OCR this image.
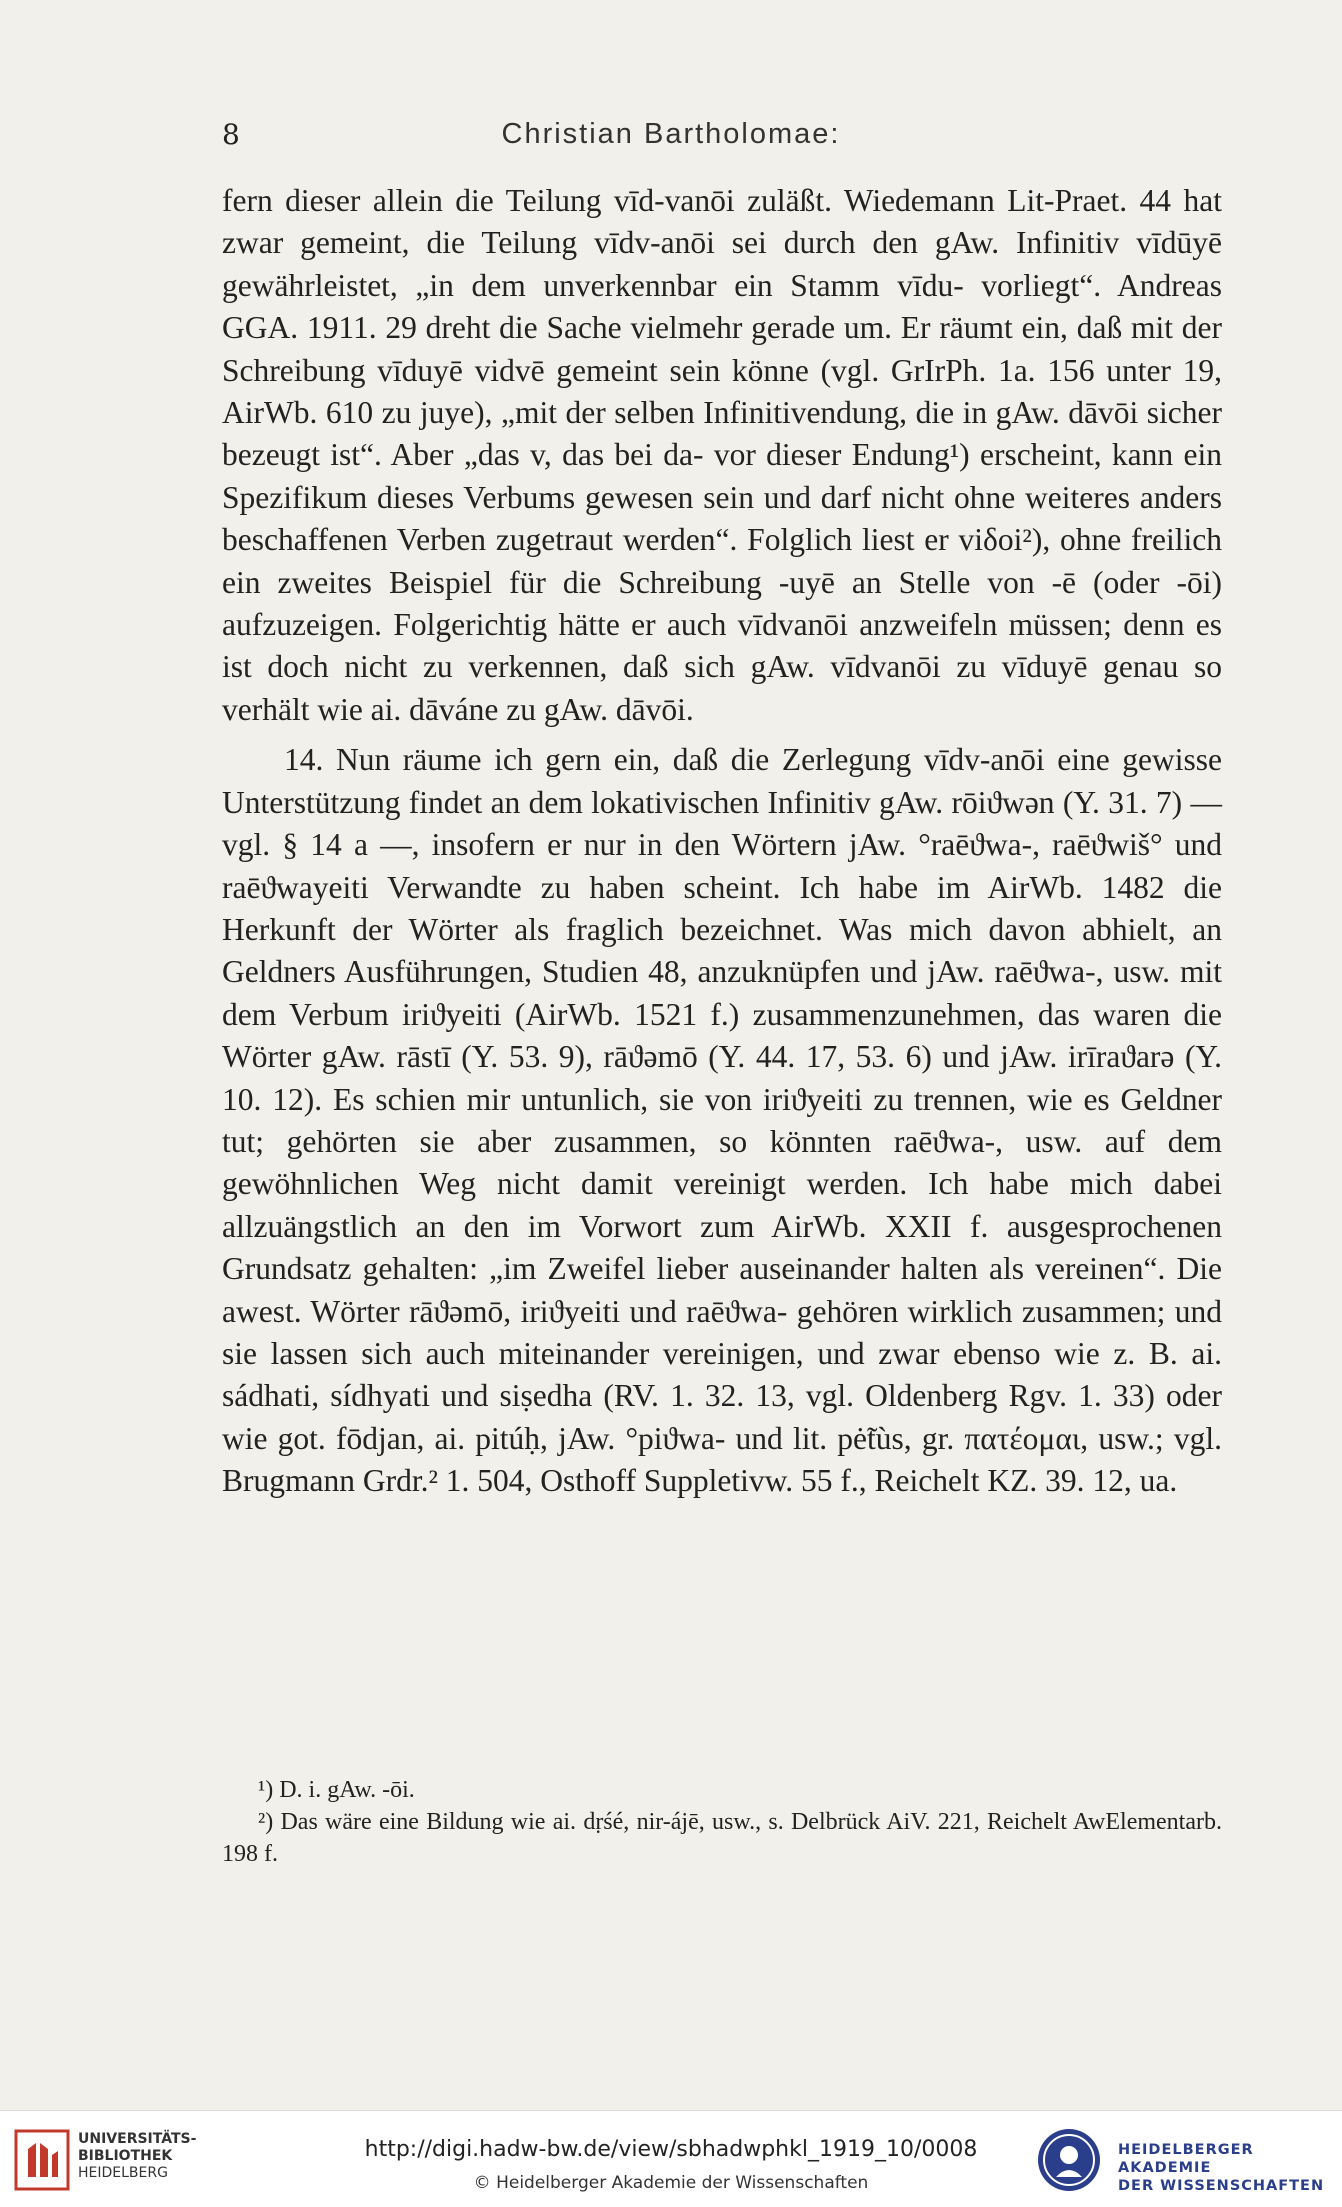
8	Christian Bartholomae:

fern dieser allein die Teilung vīd-vanōi zuläßt. Wiedemann Lit-Praet. 44 hat zwar gemeint, die Teilung vīdv-anōi sei durch den gAw. Infinitiv vīdūyē gewährleistet, „in dem unverkennbar ein Stamm vīdu- vorliegt“. Andreas GGA. 1911. 29 dreht die Sache vielmehr gerade um. Er räumt ein, daß mit der Schreibung vīduyē vidvē gemeint sein könne (vgl. GrIrPh. 1a. 156 unter 19, AirWb. 610 zu juye), „mit der selben Infinitivendung, die in gAw. dāvōi sicher bezeugt ist“. Aber „das v, das bei da- vor dieser Endung¹) erscheint, kann ein Spezifikum dieses Verbums gewesen sein und darf nicht ohne weiteres anders beschaffenen Verben zugetraut werden“. Folglich liest er viδoi²), ohne freilich ein zweites Beispiel für die Schreibung -uyē an Stelle von -ē (oder -ōi) aufzuzeigen. Folgerichtig hätte er auch vīdvanōi anzweifeln müssen; denn es ist doch nicht zu verkennen, daß sich gAw. vīdvanōi zu vīduyē genau so verhält wie ai. dāváne zu gAw. dāvōi.

14. Nun räume ich gern ein, daß die Zerlegung vīdv-anōi eine gewisse Unterstützung findet an dem lokativischen Infinitiv gAw. rōiϑwən (Y. 31. 7) — vgl. § 14 a —, insofern er nur in den Wörtern jAw. °raēϑwa-, raēϑwiš° und raēϑwayeiti Verwandte zu haben scheint. Ich habe im AirWb. 1482 die Herkunft der Wörter als fraglich bezeichnet. Was mich davon abhielt, an Geldners Ausführungen, Studien 48, anzuknüpfen und jAw. raēϑwa-, usw. mit dem Verbum iriϑyeiti (AirWb. 1521 f.) zusammenzunehmen, das waren die Wörter gAw. rāstī (Y. 53. 9), rāϑəmō (Y. 44. 17, 53. 6) und jAw. irīraϑarə (Y. 10. 12). Es schien mir untunlich, sie von iriϑyeiti zu trennen, wie es Geldner tut; gehörten sie aber zusammen, so könnten raēϑwa-, usw. auf dem gewöhnlichen Weg nicht damit vereinigt werden. Ich habe mich dabei allzuängstlich an den im Vorwort zum AirWb. XXII f. ausgesprochenen Grundsatz gehalten: „im Zweifel lieber auseinander halten als vereinen“. Die awest. Wörter rāϑəmō, iriϑyeiti und raēϑwa- gehören wirklich zusammen; und sie lassen sich auch miteinander vereinigen, und zwar ebenso wie z. B. ai. sádhati, sídhyati und siṣedha (RV. 1. 32. 13, vgl. Oldenberg Rgv. 1. 33) oder wie got. fōdjan, ai. pitúḥ, jAw. °piϑwa- und lit. pė̃tùs, gr. πατέομαι, usw.; vgl. Brugmann Grdr.² 1. 504, Osthoff Suppletivw. 55 f., Reichelt KZ. 39. 12, ua.

¹) D. i. gAw. -ōi.
²) Das wäre eine Bildung wie ai. dṛśé, nir-ájē, usw., s. Delbrück AiV. 221, Reichelt AwElementarb. 198 f.
UNIVERSITÄTS-
BIBLIOTHEK
HEIDELBERG
http://digi.hadw-bw.de/view/sbhadwphkl_1919_10/0008
© Heidelberger Akademie der Wissenschaften
HEIDELBERGER AKADEMIE
DER WISSENSCHAFTEN
